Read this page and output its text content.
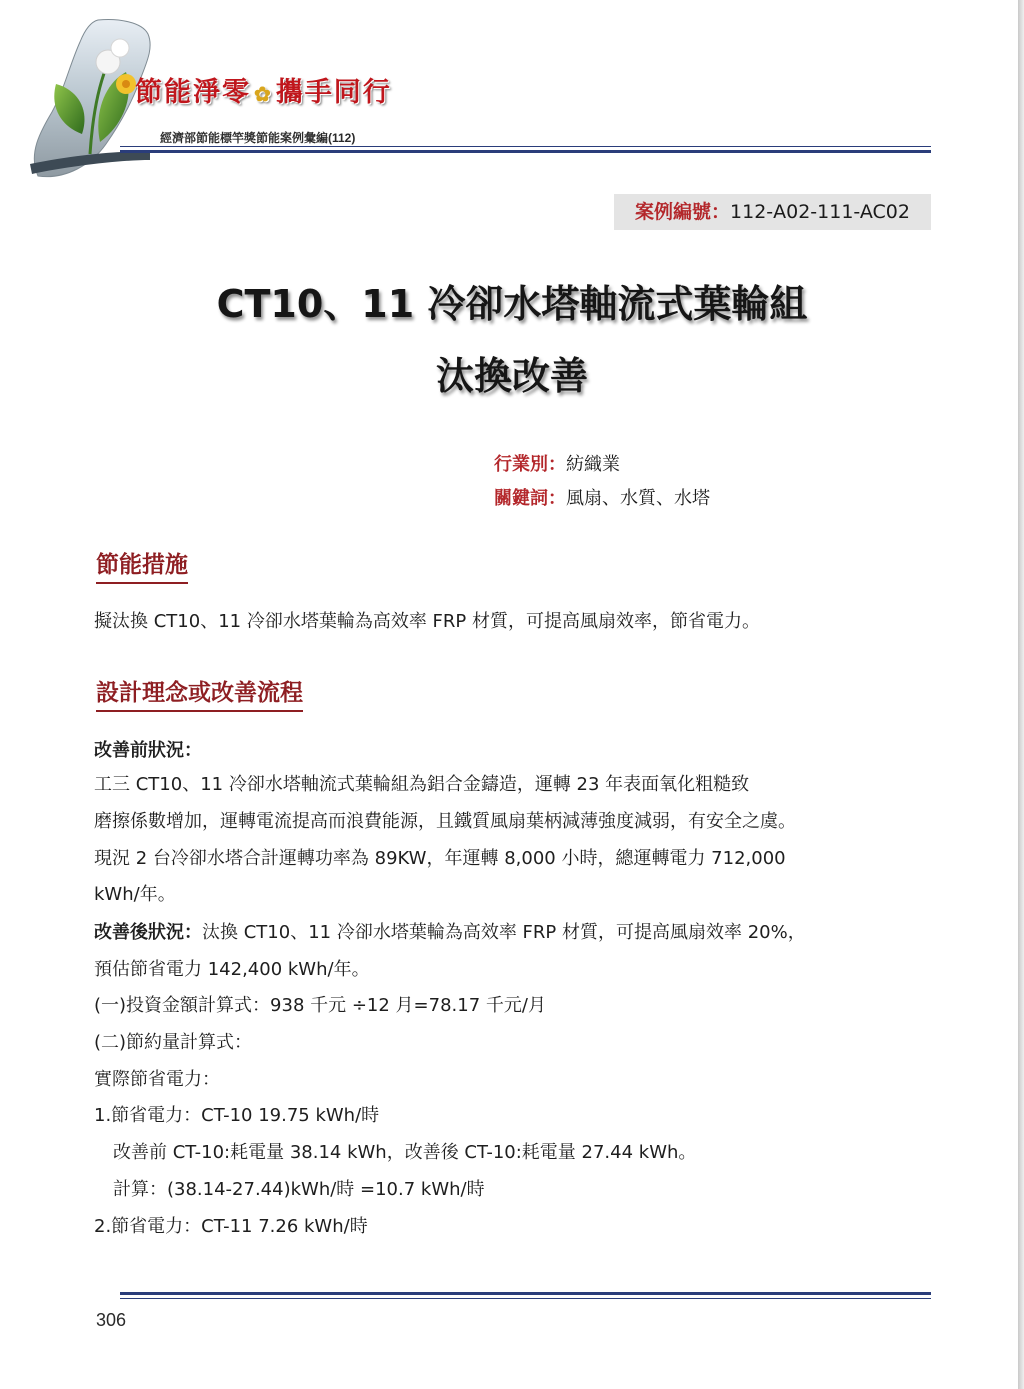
節能淨零 ✿ 攜手同行
經濟部節能標竿獎節能案例彙編(112)
案例編號：112-A02-111-AC02
CT10、11 冷卻水塔軸流式葉輪組
汰換改善
行業別：紡織業
關鍵詞：風扇、水質、水塔
節能措施
擬汰換 CT10、11 冷卻水塔葉輪為高效率 FRP 材質，可提高風扇效率，節省電力。
設計理念或改善流程
改善前狀況：
工三 CT10、11 冷卻水塔軸流式葉輪組為鋁合金鑄造，運轉 23 年表面氧化粗糙致
磨擦係數增加，運轉電流提高而浪費能源，且鐵質風扇葉柄減薄強度減弱，有安全之虞。
現況 2 台冷卻水塔合計運轉功率為 89KW，年運轉 8,000 小時，總運轉電力 712,000
kWh/年。
改善後狀況：汰換 CT10、11 冷卻水塔葉輪為高效率 FRP 材質，可提高風扇效率 20%，
預估節省電力 142,400 kWh/年。
(一)投資金額計算式：938 千元 ÷12 月=78.17 千元/月
(二)節約量計算式：
實際節省電力：
1.節省電力：CT-10 19.75 kWh/時
改善前 CT-10:耗電量 38.14 kWh，改善後 CT-10:耗電量 27.44 kWh。
計算：(38.14-27.44)kWh/時 =10.7 kWh/時
2.節省電力：CT-11 7.26 kWh/時
306
